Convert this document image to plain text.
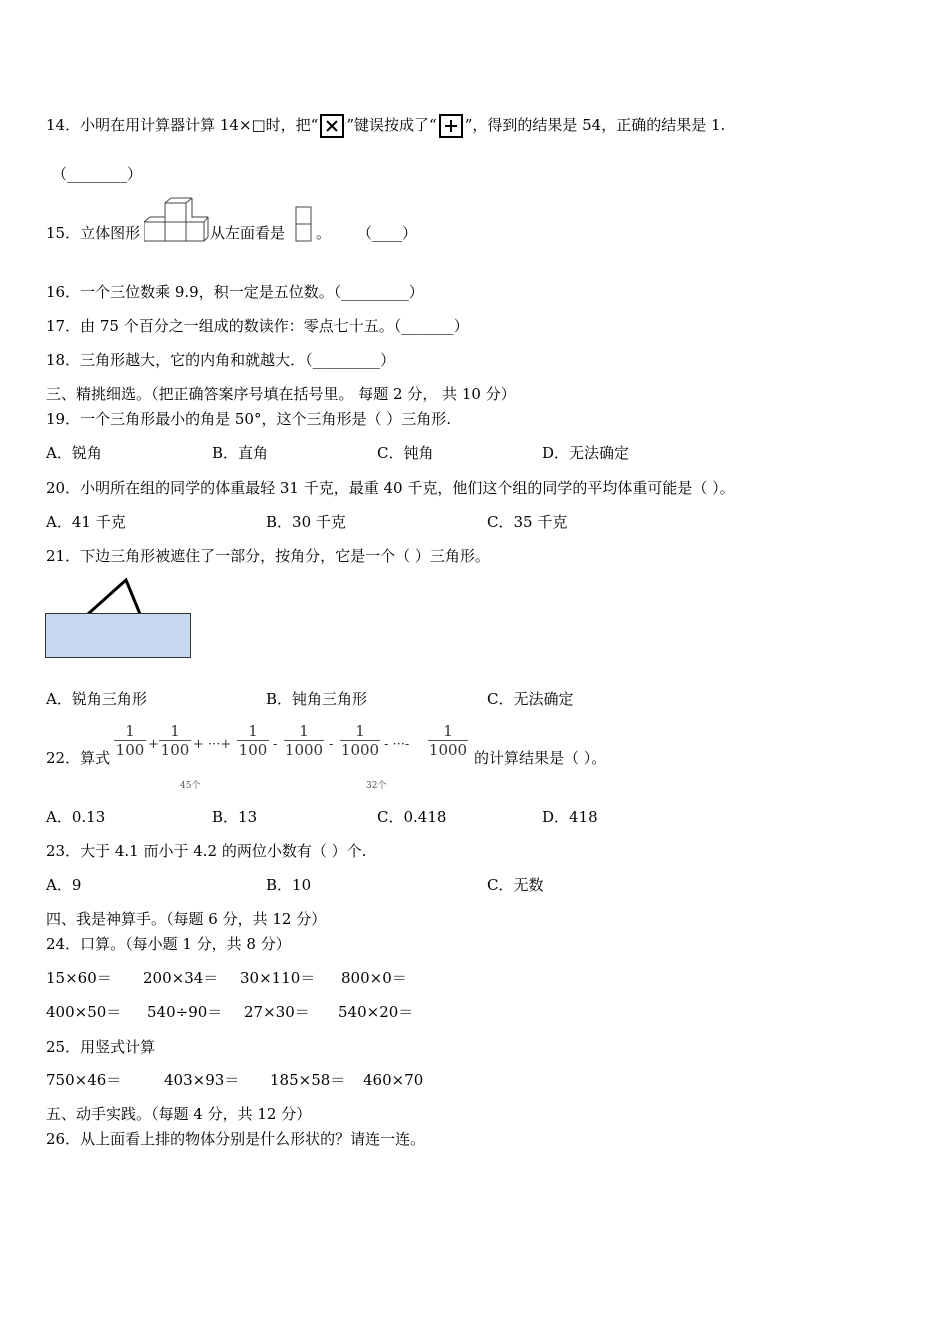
14．小明在用计算器计算 14×□时，把“ ”键误按成了“ ”，得到的结果是 54，正确的结果是 1.
（________）
15．立体图形	从左面看是 。 （____）
16．一个三位数乘 9.9，积一定是五位数。（_________）
17．由 75 个百分之一组成的数读作：零点七十五。（_______）
18．三角形越大，它的内角和就越大．（_________）
三、精挑细选。（把正确答案序号填在括号里。 每题 2 分， 共 10 分）
19．一个三角形最小的角是 50°，这个三角形是（ ）三角形.
A．锐角	B．直角	C．钝角	D．无法确定
20．小明所在组的同学的体重最轻 31 千克，最重 40 千克，他们这个组的同学的平均体重可能是（ ）。
A．41 千克	B．30 千克	C．35 千克
21．下边三角形被遮住了一部分，按角分，它是一个（ ）三角形。
A．锐角三角形	B．钝角三角形	C．无法确定
22．算式
1
100 +
1
100 + ···+
1
100
45个
-
1
1000 -
1
1000 - ···-
1
1000
32个
的计算结果是（ ）。
A．0.13	B．13	C．0.418	D．418
23．大于 4.1 而小于 4.2 的两位小数有（ ）个.
A．9	B．10	C．无数
四、我是神算手。（每题 6 分，共 12 分）
24．口算。（每小题 1 分，共 8 分）
15×60＝ 200×34＝ 30×110＝ 800×0＝
400×50＝ 540÷90＝ 27×30＝ 540×20＝
25．用竖式计算
750×46＝	403×93＝ 185×58＝ 460×70
五、动手实践。（每题 4 分，共 12 分）
26．从上面看上排的物体分别是什么形状的？请连一连。
